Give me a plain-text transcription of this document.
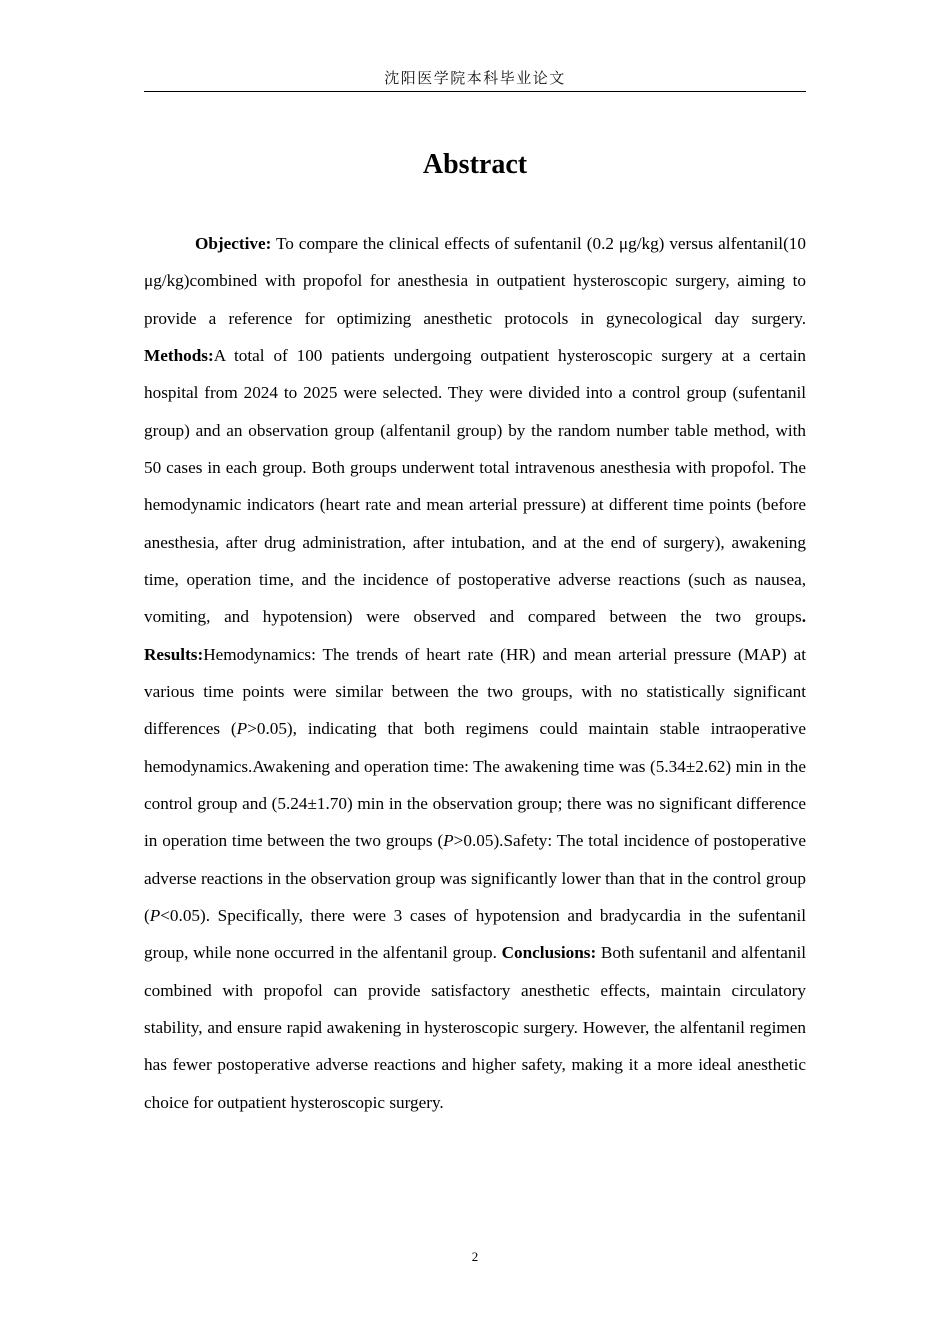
沈阳医学院本科毕业论文
Abstract

Objective: To compare the clinical effects of sufentanil (0.2 μg/kg) versus alfentanil(10 μg/kg)combined with propofol for anesthesia in outpatient hysteroscopic surgery, aiming to provide a reference for optimizing anesthetic protocols in gynecological day surgery. Methods:A total of 100 patients undergoing outpatient hysteroscopic surgery at a certain hospital from 2024 to 2025 were selected. They were divided into a control group (sufentanil group) and an observation group (alfentanil group) by the random number table method, with 50 cases in each group. Both groups underwent total intravenous anesthesia with propofol. The hemodynamic indicators (heart rate and mean arterial pressure) at different time points (before anesthesia, after drug administration, after intubation, and at the end of surgery), awakening time, operation time, and the incidence of postoperative adverse reactions (such as nausea, vomiting, and hypotension) were observed and compared between the two groups. Results:Hemodynamics: The trends of heart rate (HR) and mean arterial pressure (MAP) at various time points were similar between the two groups, with no statistically significant differences (P>0.05), indicating that both regimens could maintain stable intraoperative hemodynamics.Awakening and operation time: The awakening time was (5.34±2.62) min in the control group and (5.24±1.70) min in the observation group; there was no significant difference in operation time between the two groups (P>0.05).Safety: The total incidence of postoperative adverse reactions in the observation group was significantly lower than that in the control group (P<0.05). Specifically, there were 3 cases of hypotension and bradycardia in the sufentanil group, while none occurred in the alfentanil group. Conclusions: Both sufentanil and alfentanil combined with propofol can provide satisfactory anesthetic effects, maintain circulatory stability, and ensure rapid awakening in hysteroscopic surgery. However, the alfentanil regimen has fewer postoperative adverse reactions and higher safety, making it a more ideal anesthetic choice for outpatient hysteroscopic surgery.

2
